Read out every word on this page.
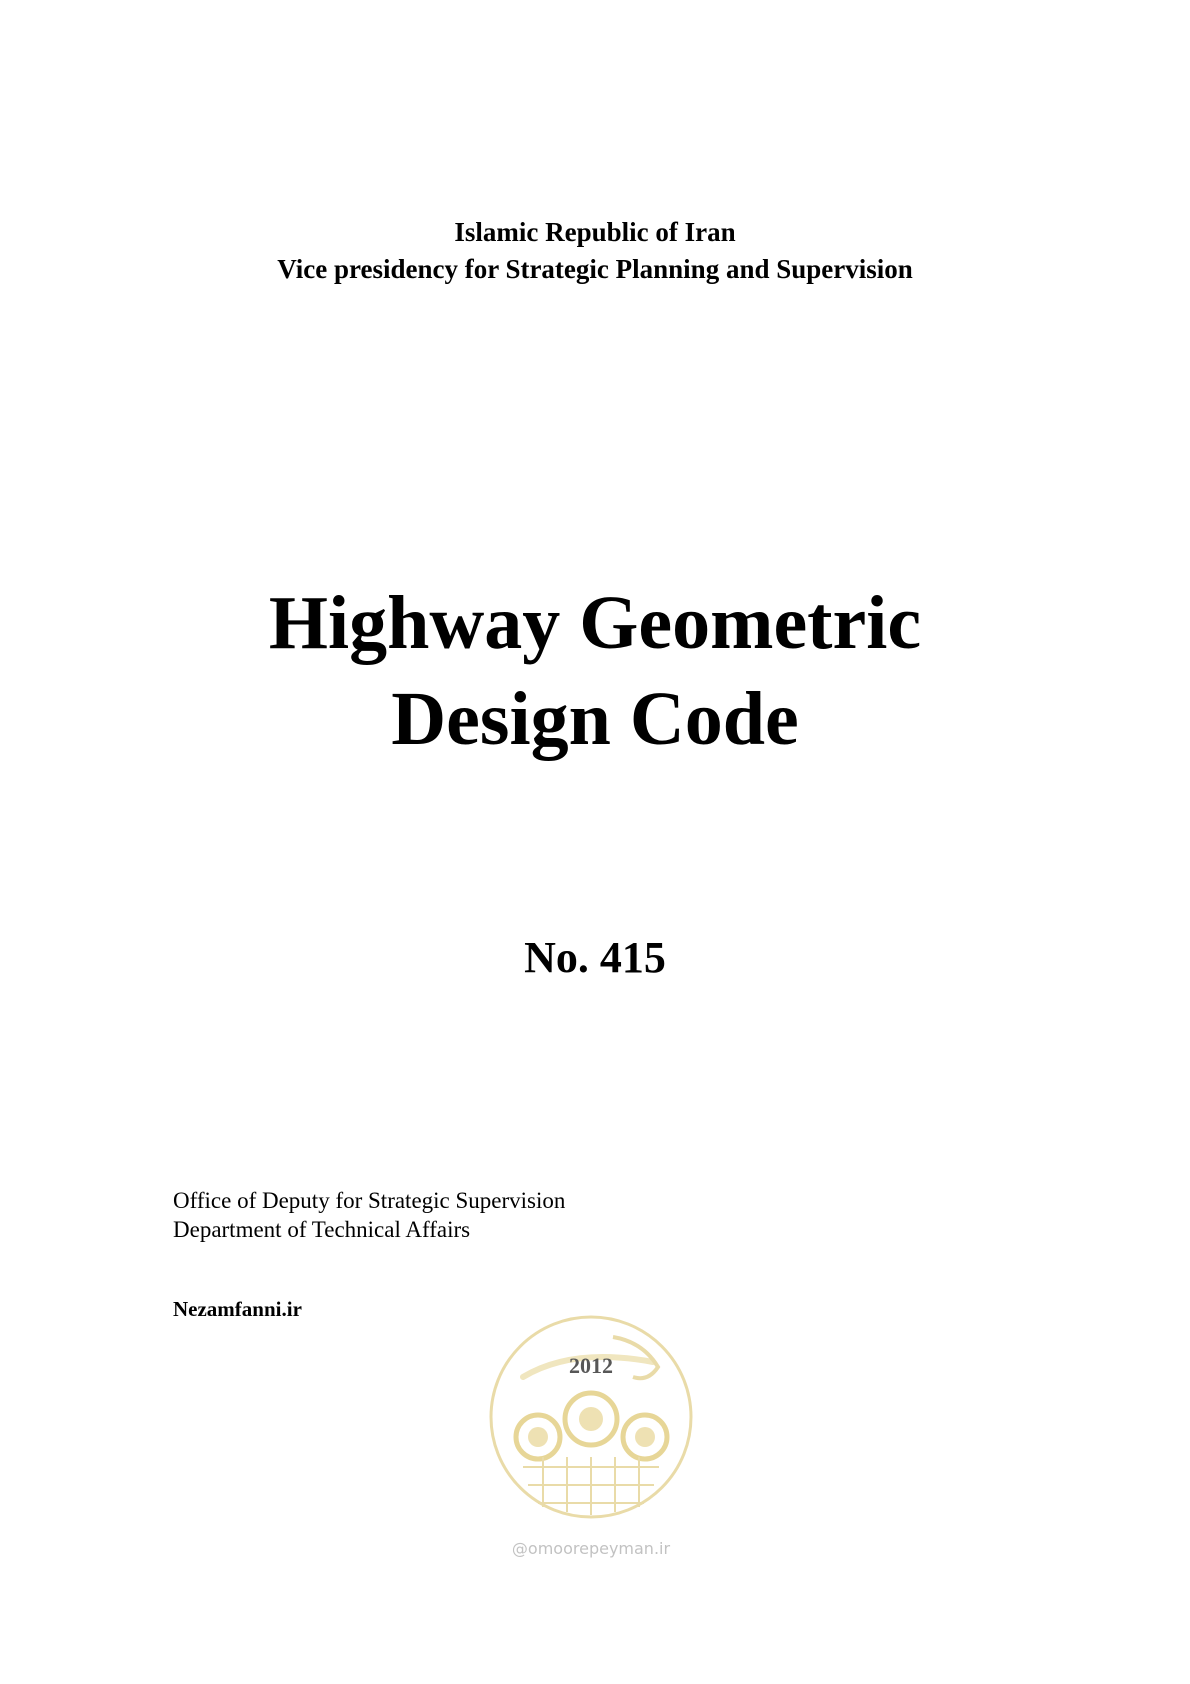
Islamic Republic of Iran
Vice presidency for Strategic Planning and Supervision
Highway Geometric
Design Code
No. 415
Office of Deputy for Strategic Supervision
Department of Technical Affairs
Nezamfanni.ir
2012
@omoorepeyman.ir
